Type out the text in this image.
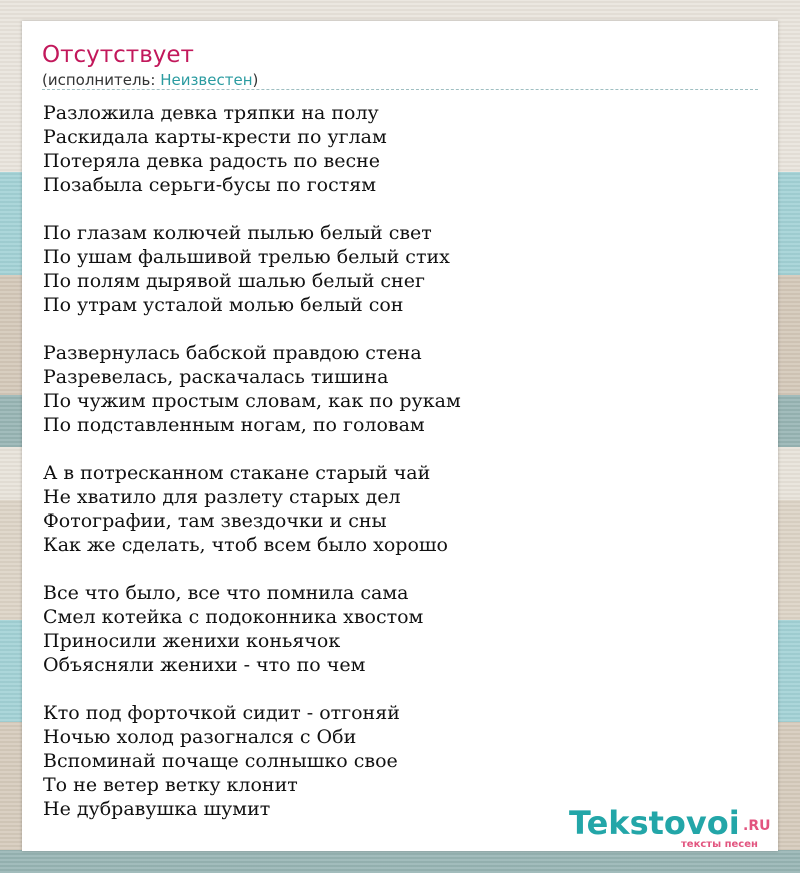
Отсутствует
(исполнитель: Неизвестен)
Разложила девка тряпки на полу
Раскидала карты-крести по углам
Потеряла девка радость по весне
Позабыла серьги-бусы по гостям
По глазам колючей пылью белый свет
По ушам фальшивой трелью белый стих
По полям дырявой шалью белый снег
По утрам усталой молью белый сон
Развернулась бабской правдою стена
Разревелась, раскачалась тишина
По чужим простым словам, как по рукам
По подставленным ногам, по головам
А в потресканном стакане старый чай
Не хватило для разлету старых дел
Фотографии, там звездочки и сны
Как же сделать, чтоб всем было хорошо
Все что было, все что помнила сама
Смел котейка с подоконника хвостом
Приносили женихи коньячок
Объясняли женихи - что по чем
Кто под форточкой сидит - отгоняй
Ночью холод разогнался с Оби
Вспоминай почаще солнышко свое
То не ветер ветку клонит
Не дубравушка шумит	Tekstovoi .RU
тексты песен
